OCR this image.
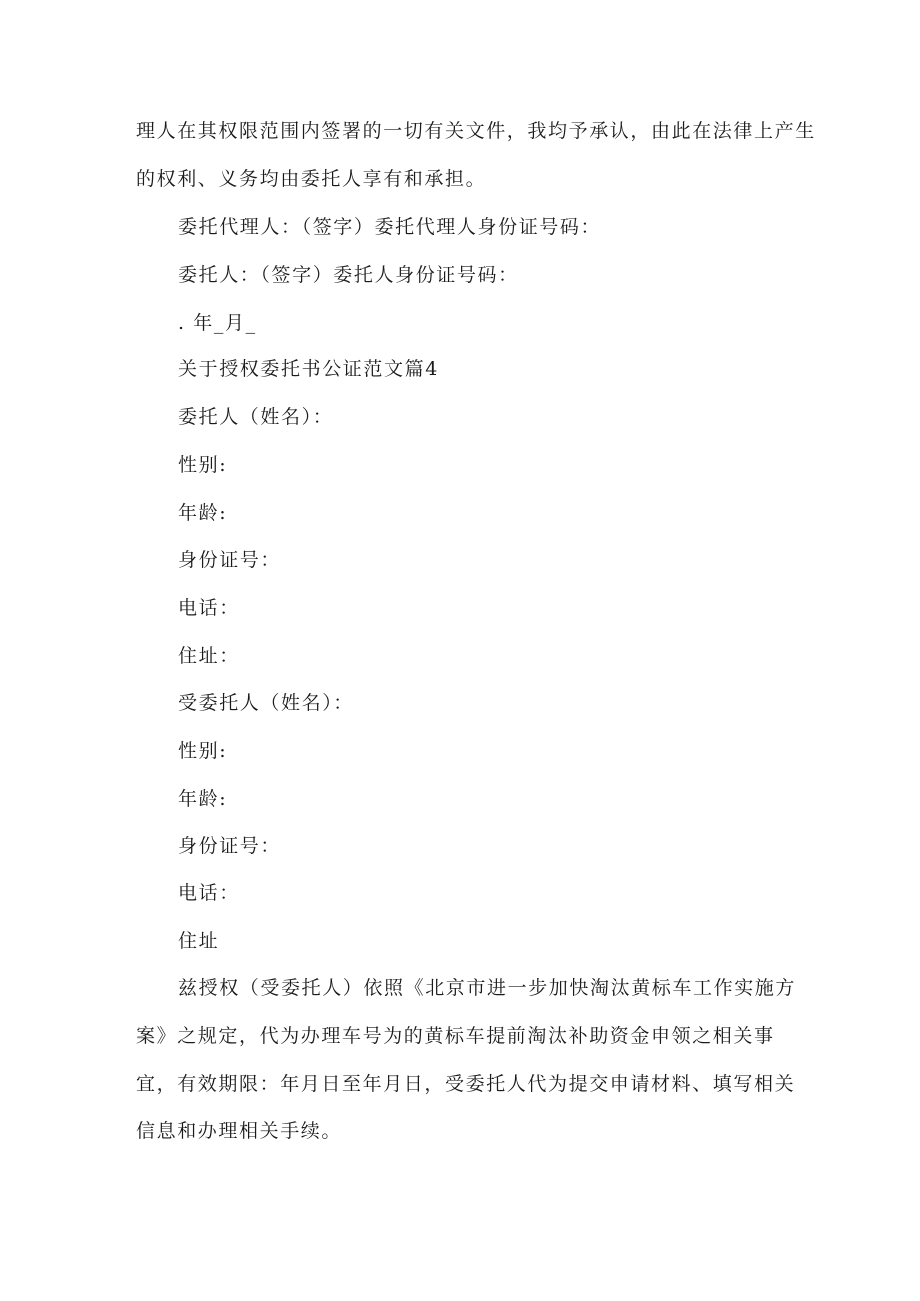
理人在其权限范围内签署的一切有关文件，我均予承认，由此在法律上产生
的权利、义务均由委托人享有和承担。
委托代理人：（签字）委托代理人身份证号码：
委托人：（签字）委托人身份证号码：
. 年_月_
关于授权委托书公证范文篇4
委托人（姓名）：
性别:
年龄:
身份证号：
电话：
住址：
受委托人（姓名）：
性别:
年龄:
身份证号：
电话：
住址
兹授权（受委托人）依照《北京市进一步加快淘汰黄标车工作实施方
案》之规定，代为办理车号为的黄标车提前淘汰补助资金申领之相关事
宜，有效期限：年月日至年月日，受委托人代为提交申请材料、填写相关
信息和办理相关手续。
